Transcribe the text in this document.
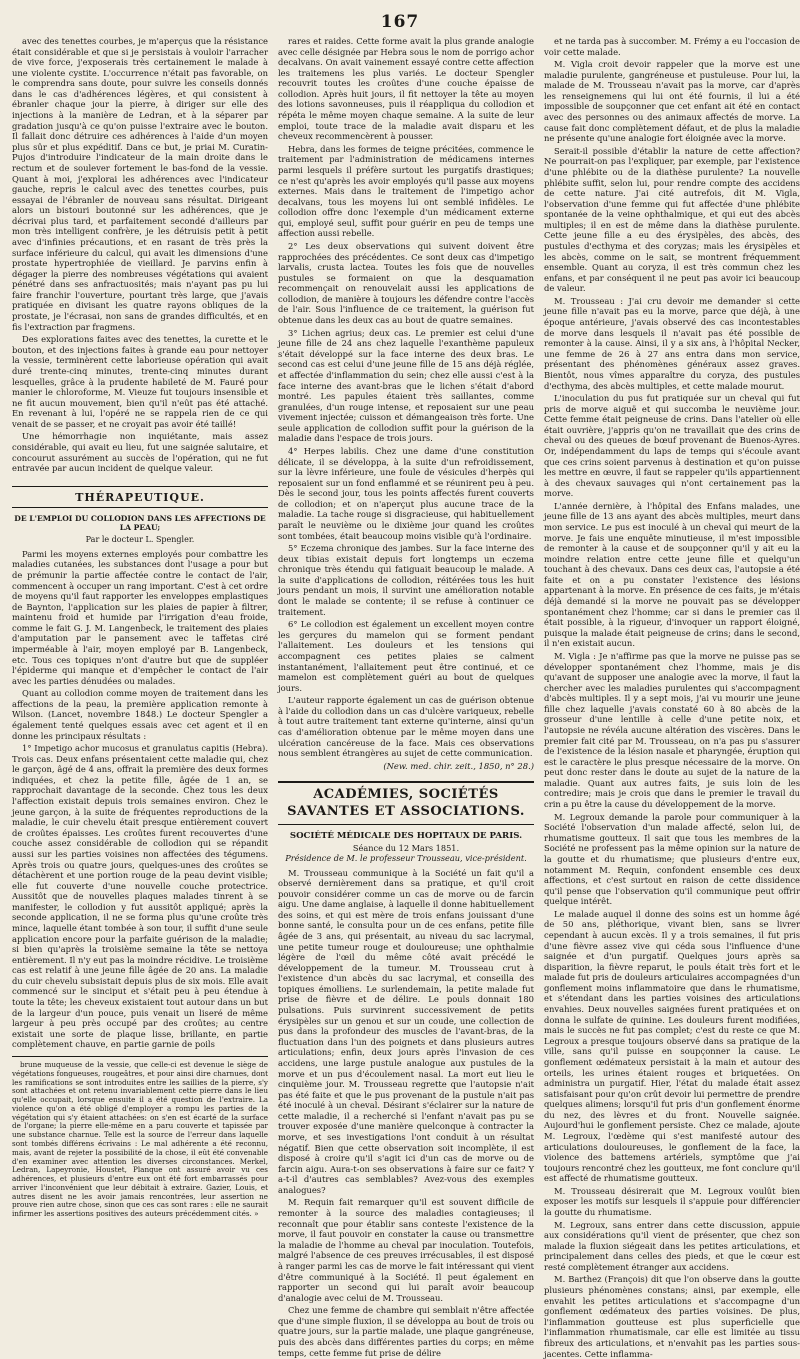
167

avec des tenettes courbes, je m'aperçus que la résistance était considérable et que si je persistais à vouloir l'arracher de vive force, j'exposerais très certainement le malade à une violente cystite. L'occurrence n'était pas favorable, on le comprendra sans doute, pour suivre les conseils donnés dans le cas d'adhérences légères, et qui consistent à ébranler chaque jour la pierre, à diriger sur elle des injections à la manière de Ledran, et à la séparer par gradation jusqu'à ce qu'on puisse l'extraire avec le bouton. Il fallait donc détruire ces adhérences à l'aide d'un moyen plus sûr et plus expéditif. Dans ce but, je priai M. Curatin-Pujos d'introduire l'indicateur de la main droite dans le rectum et de soulever fortement le bas-fond de la vessie. Quant à moi, j'explorai les adhérences avec l'indicateur gauche, repris le calcul avec des tenettes courbes, puis essayai de l'ébranler de nouveau sans résultat. Dirigeant alors un bistouri boutonné sur les adhérences, que je décrivai plus tard, et parfaitement secondé d'ailleurs par mon très intelligent confrère, je les détruisis petit à petit avec d'infinies précautions, et en rasant de très près la surface inférieure du calcul, qui avait les dimensions d'une prostate hypertrophiée de vieillard. Je parvins enfin à dégager la pierre des nombreuses végétations qui avaient pénétré dans ses anfractuosités; mais n'ayant pas pu lui faire franchir l'ouverture, pourtant très large, que j'avais pratiquée en divisant les quatre rayons obliques de la prostate, je l'écrasai, non sans de grandes difficultés, et en fis l'extraction par fragmens.

Des explorations faites avec des tenettes, la curette et le bouton, et des injections faites à grande eau pour nettoyer la vessie, terminèrent cette laborieuse opération qui avait duré trente-cinq minutes, trente-cinq minutes durant lesquelles, grâce à la prudente habileté de M. Fauré pour manier le chloroforme, M. Vieuze fut toujours insensible et ne fit aucun mouvement, bien qu'il n'eût pas été attaché. En revenant à lui, l'opéré ne se rappela rien de ce qui venait de se passer, et ne croyait pas avoir été taillé!

Une hémorrhagie non inquiétante, mais assez considérable, qui avait eu lieu, fut une saignée salutaire, et concourut assurément au succès de l'opération, qui ne fut entravée par aucun incident de quelque valeur.

THÉRAPEUTIQUE.
DE L'EMPLOI DU COLLODION DANS LES AFFECTIONS DE LA PEAU;
Par le docteur L. Spengler.

Parmi les moyens externes employés pour combattre les maladies cutanées, les substances dont l'usage a pour but de prémunir la partie affectée contre le contact de l'air, commencent à occuper un rang important. C'est à cet ordre de moyens qu'il faut rapporter les enveloppes emplastiques de Baynton, l'application sur les plaies de papier à filtrer, maintenu froid et humide par l'irrigation d'eau froide, comme le fait G. J. M. Langenbeck, le traitement des plaies d'amputation par le pansement avec le taffetas ciré imperméable à l'air, moyen employé par B. Langenbeck, etc. Tous ces topiques n'ont d'autre but que de suppléer l'épiderme qui manque et d'empêcher le contact de l'air avec les parties dénudées ou malades.

Quant au collodion comme moyen de traitement dans les affections de la peau, la première application remonte à Wilson. (Lancet, novembre 1848.) Le docteur Spengler a également tenté quelques essais avec cet agent et il en donne les principaux résultats :

1° Impetigo achor mucosus et granulatus capitis (Hebra). Trois cas. Deux enfans présentaient cette maladie qui, chez le garçon, âgé de 4 ans, offrait la première des deux formes indiquées, et chez la petite fille, âgée de 1 an, se rapprochait davantage de la seconde. Chez tous les deux l'affection existait depuis trois semaines environ. Chez le jeune garçon, à la suite de fréquentes reproductions de la maladie, le cuir chevelu était presque entièrement couvert de croûtes épaisses. Les croûtes furent recouvertes d'une couche assez considérable de collodion qui se répandit aussi sur les parties voisines non affectées des tégumens. Après trois ou quatre jours, quelques-unes des croûtes se détachèrent et une portion rouge de la peau devint visible; elle fut couverte d'une nouvelle couche protectrice. Aussitôt que de nouvelles plaques malades tinrent à se manifester, le collodion y fut aussitôt appliqué; après la seconde application, il ne se forma plus qu'une croûte très mince, laquelle étant tombée à son tour, il suffit d'une seule application encore pour la parfaite guérison de la maladie; si bien qu'après la troisième semaine la tête se nettoya entièrement. Il n'y eut pas la moindre récidive. Le troisième cas est relatif à une jeune fille âgée de 20 ans. La maladie du cuir chevelu subsistait depuis plus de six mois. Elle avait commencé sur le sinciput et s'était peu à peu étendue à toute la tête; les cheveux existaient tout autour dans un but de la largeur d'un pouce, puis venait un liseré de même largeur à peu près occupé par des croûtes; au centre existait une sorte de plaque lisse, brillante, en partie complètement chauve, en partie garnie de poils

brune muqueuse de la vessie, que celle-ci est devenue le siège de végétations fongueuses, rougeâtres, et pour ainsi dire charnues, dont les ramifications se sont introduites entre les saillies de la pierre, s'y sont attachées et ont retenu invariablement cette pierre dans le lieu qu'elle occupait, lorsque ensuite il a été question de l'extraire. La violence qu'on a été obligé d'employer a rompu les parties de la végétation qui s'y étaient attachées: on s'en est écarté de la surface de l'organe; la pierre elle-même en a paru couverte et tapissée par une substance charnue. Telle est la source de l'erreur dans laquelle sont tombés différens écrivains : Le mal adhérente a été reconnu, mais, avant de rejeter la possibilité de la chose, il eût été convenable d'en examiner avec attention les diverses circonstances. Merkel, Ledran, Lapeyronie, Houstet, Planque ont assuré avoir vu ces adhérences, et plusieurs d'entre eux ont été fort embarrassés pour arriver l'inconvénient que leur débitait à extraire. Gazier, Louis, et autres disent ne les avoir jamais rencontrées, leur assertion ne prouve rien autre chose, sinon que ces cas sont rares : elle ne saurait infirmer les assertions positives des auteurs précédemment cités. »

rares et raides. Cette forme avait la plus grande analogie avec celle désignée par Hebra sous le nom de porrigo achor decalvans. On avait vainement essayé contre cette affection les traitemens les plus variés. Le docteur Spengler recouvrit toutes les croûtes d'une couche épaisse de collodion. Après huit jours, il fit nettoyer la tête au moyen des lotions savonneuses, puis il réappliqua du collodion et répéta le même moyen chaque semaine. A la suite de leur emploi, toute trace de la maladie avait disparu et les cheveux recommencèrent à pousser.

Hebra, dans les formes de teigne précitées, commence le traitement par l'administration de médicamens internes parmi lesquels il préfère surtout les purgatifs drastiques; ce n'est qu'après les avoir employés qu'il passe aux moyens externes. Mais dans le traitement de l'impetigo achor decalvans, tous les moyens lui ont semblé infidèles. Le collodion offre donc l'exemple d'un médicament externe qui, employé seul, suffit pour guérir en peu de temps une affection aussi rebelle.

2° Les deux observations qui suivent doivent être rapprochées des précédentes. Ce sont deux cas d'impetigo larvalis, crusta lactea. Toutes les fois que de nouvelles pustules se formaient on que la desquamation recommençait on renouvelait aussi les applications de collodion, de manière à toujours les défendre contre l'accès de l'air. Sous l'influence de ce traitement, la guérison fut obtenue dans les deux cas au bout de quatre semaines.

3° Lichen agrius; deux cas. Le premier est celui d'une jeune fille de 24 ans chez laquelle l'exanthème papuleux s'était développé sur la face interne des deux bras. Le second cas est celui d'une jeune fille de 15 ans déjà réglée, et affectée d'inflammation du sein; chez elle aussi c'est à la face interne des avant-bras que le lichen s'était d'abord montré. Les papules étaient très saillantes, comme granulées, d'un rouge intense, et reposaient sur une peau vivement injectée; cuisson et démangeaison très forte. Une seule application de collodion suffit pour la guérison de la maladie dans l'espace de trois jours.

4° Herpes labilis. Chez une dame d'une constitution délicate, il se développa, à la suite d'un refroidissement, sur la lèvre inférieure, une foule de vésicules d'herpès qui reposaient sur un fond enflammé et se réunirent peu à peu. Dès le second jour, tous les points affectés furent couverts de collodion; et on n'aperçut plus aucune trace de la maladie. La tache rouge si disgracieuse, qui habituellement paraît le neuvième ou le dixième jour quand les croûtes sont tombées, était beaucoup moins visible qu'à l'ordinaire.

5° Eczema chronique des jambes. Sur la face interne des deux tibias existait depuis fort longtemps un eczema chronique très étendu qui fatiguait beaucoup le malade. A la suite d'applications de collodion, réitérées tous les huit jours pendant un mois, il survint une amélioration notable dont le malade se contente; il se refuse à continuer ce traitement.

6° Le collodion est également un excellent moyen contre les gerçures du mamelon qui se forment pendant l'allaitement. Les douleurs et les tensions qui accompagnent ces petites plaies se calment instantanément, l'allaitement peut être continué, et ce mamelon est complètement guéri au bout de quelques jours.

L'auteur rapporte également un cas de guérison obtenue à l'aide du collodion dans un cas d'ulcère variqueux, rebelle à tout autre traitement tant externe qu'interne, ainsi qu'un cas d'amélioration obtenue par le même moyen dans une ulcération cancéreuse de la face. Mais ces observations nous semblent étrangères au sujet de cette communication.

(New. med. chir. zeit., 1850, n° 28.)
ACADÉMIES, SOCIÉTÉS SAVANTES ET ASSOCIATIONS.
SOCIÉTÉ MÉDICALE DES HOPITAUX DE PARIS.
Séance du 12 Mars 1851.
Présidence de M. le professeur Trousseau, vice-président.

M. Trousseau communique à la Société un fait qu'il a observé dernièrement dans sa pratique, et qu'il croit pouvoir considérer comme un cas de morve ou de farcin aigu. Une dame anglaise, à laquelle il donne habituellement des soins, et qui est mère de trois enfans jouissant d'une bonne santé, le consulta pour un de ces enfans, petite fille âgée de 3 ans, qui présentait, au niveau du sac lacrymal, une petite tumeur rouge et douloureuse; une ophthalmie légère de l'œil du même côté avait précédé le développement de la tumeur. M. Trousseau crut à l'existence d'un abcès du sac lacrymal, et conseilla des topiques émolliens. Le surlendemain, la petite malade fut prise de fièvre et de délire. Le pouls donnait 180 pulsations. Puis survinrent successivement de petits érysipèles sur un genou et sur un coude, une collection de pus dans la profondeur des muscles de l'avant-bras, de la fluctuation dans l'un des poignets et dans plusieurs autres articulations; enfin, deux jours après l'invasion de ces accidens, une large pustule analogue aux pustules de la morve et un pus d'écoulement nasal. La mort eut lieu le cinquième jour. M. Trousseau regrette que l'autopsie n'ait pas été faite et que le pus provenant de la pustule n'ait pas été inoculé à un cheval. Désirant s'éclairer sur la nature de cette maladie, il a recherché si l'enfant n'avait pas pu se trouver exposée d'une manière quelconque à contracter la morve, et ses investigations l'ont conduit à un résultat négatif. Bien que cette observation soit incomplète, il est disposé à croire qu'il s'agit ici d'un cas de morve ou de farcin aigu. Aura-t-on ses observations à faire sur ce fait? Y a-t-il d'autres cas semblables? Avez-vous des exemples analogues?

M. Requin fait remarquer qu'il est souvent difficile de remonter à la source des maladies contagieuses; il reconnaît que pour établir sans conteste l'existence de la morve, il faut pouvoir en constater la cause ou transmettre la maladie de l'homme au cheval par inoculation. Toutefois, malgré l'absence de ces preuves irrécusables, il est disposé à ranger parmi les cas de morve le fait intéressant qui vient d'être communiqué à la Société. Il peut également en rapporter un second qui lui paraît avoir beaucoup d'analogie avec celui de M. Trousseau.

Chez une femme de chambre qui semblait n'être affectée que d'une simple fluxion, il se développa au bout de trois ou quatre jours, sur la partie malade, une plaque gangréneuse, puis des abcès dans différentes parties du corps; en même temps, cette femme fut prise de délire

et ne tarda pas à succomber. M. Frémy a eu l'occasion de voir cette malade.

M. Vigla croit devoir rappeler que la morve est une maladie purulente, gangréneuse et pustuleuse. Pour lui, la malade de M. Trousseau n'avait pas la morve, car d'après les renseignemens qui lui ont été fournis, il lui a été impossible de soupçonner que cet enfant ait été en contact avec des personnes ou des animaux affectés de morve. La cause fait donc complètement défaut, et de plus la maladie ne présente qu'une analogie fort éloignée avec la morve.

Serait-il possible d'établir la nature de cette affection? Ne pourrait-on pas l'expliquer, par exemple, par l'existence d'une phlébite ou de la diathèse purulente? La nouvelle phlébite suffit, selon lui, pour rendre compte des accidens de cette nature. J'ai cité autrefois, dit M. Vigla, l'observation d'une femme qui fut affectée d'une phlébite spontanée de la veine ophthalmique, et qui eut des abcès multiples; il en est de même dans la diathèse purulente. Cette jeune fille a eu des érysipèles, des abcès, des pustules d'ecthyma et des coryzas; mais les érysipèles et les abcès, comme on le sait, se montrent fréquemment ensemble. Quant au coryza, il est très commun chez les enfans, et par conséquent il ne peut pas avoir ici beaucoup de valeur.

M. Trousseau : J'ai cru devoir me demander si cette jeune fille n'avait pas eu la morve, parce que déjà, à une époque antérieure, j'avais observé des cas incontestables de morve dans lesquels il n'avait pas été possible de remonter à la cause. Ainsi, il y a six ans, à l'hôpital Necker, une femme de 26 à 27 ans entra dans mon service, présentant des phénomènes généraux assez graves. Bientôt, nous vîmes apparaître du coryza, des pustules d'ecthyma, des abcès multiples, et cette malade mourut.

L'inoculation du pus fut pratiquée sur un cheval qui fut pris de morve aiguë et qui succomba le neuvième jour. Cette femme était peigneuse de crins. Dans l'atelier où elle était ouvrière, j'appris qu'on ne travaillait que des crins de cheval ou des queues de bœuf provenant de Buenos-Ayres. Or, indépendamment du laps de temps qui s'écoule avant que ces crins soient parvenus à destination et qu'on puisse les mettre en œuvre, il faut se rappeler qu'ils appartiennent à des chevaux sauvages qui n'ont certainement pas la morve.

L'année dernière, à l'hôpital des Enfans malades, une jeune fille de 13 ans ayant des abcès multiples, meurt dans mon service. Le pus est inoculé à un cheval qui meurt de la morve. Je fais une enquête minutieuse, il m'est impossible de remonter à la cause et de soupçonner qu'il y ait eu la moindre relation entre cette jeune fille et quelqu'un touchant à des chevaux. Dans ces deux cas, l'autopsie a été faite et on a pu constater l'existence des lésions appartenant à la morve. En présence de ces faits, je m'étais déjà demandé si la morve ne pouvait pas se développer spontanément chez l'homme; car si dans le premier cas il était possible, à la rigueur, d'invoquer un rapport éloigné, puisque la malade était peigneuse de crins; dans le second, il n'en existait aucun.

M. Vigla : Je n'affirme pas que la morve ne puisse pas se développer spontanément chez l'homme, mais je dis qu'avant de supposer une analogie avec la morve, il faut la chercher avec les maladies purulentes qui s'accompagnent d'abcès multiples. Il y a sept mois, j'ai vu mourir une jeune fille chez laquelle j'avais constaté 60 à 80 abcès de la grosseur d'une lentille à celle d'une petite noix, et l'autopsie ne révéla aucune altération des viscères. Dans le premier fait cité par M. Trousseau, on n'a pas pu s'assurer de l'existence de la lésion nasale et pharyngée, éruption qui est le caractère le plus presque nécessaire de la morve. On peut donc rester dans le doute au sujet de la nature de la maladie. Quant aux autres faits, je suis loin de les contredire; mais je crois que dans le premier le travail du crin a pu être la cause du développement de la morve.

M. Legroux demande la parole pour communiquer à la Société l'observation d'un malade affecté, selon lui, de rhumatisme goutteux. Il sait que tous les membres de la Société ne professent pas la même opinion sur la nature de la goutte et du rhumatisme; que plusieurs d'entre eux, notamment M. Requin, confondent ensemble ces deux affections, et c'est surtout en raison de cette dissidence qu'il pense que l'observation qu'il communique peut offrir quelque intérêt.

Le malade auquel il donne des soins est un homme âgé de 50 ans, pléthorique, vivant bien, sans se livrer cependant à aucun excès. Il y a trois semaines, il fut pris d'une fièvre assez vive qui céda sous l'influence d'une saignée et d'un purgatif. Quelques jours après sa disparition, la fièvre reparut, le pouls était très fort et le malade fut pris de douleurs articulaires accompagnées d'un gonflement moins inflammatoire que dans le rhumatisme, et s'étendant dans les parties voisines des articulations envahies. Deux nouvelles saignées furent pratiquées et on donna le sulfate de quinine. Les douleurs furent modifiées, mais le succès ne fut pas complet; c'est du reste ce que M. Legroux a presque toujours observé dans sa pratique de la ville, sans qu'il puisse en soupçonner la cause. Le gonflement œdémateux persistait à la main et autour des orteils, les urines étaient rouges et briquetées. On administra un purgatif. Hier, l'état du malade était assez satisfaisant pour qu'on crût devoir lui permettre de prendre quelques alimens; lorsqu'il fut pris d'un gonflement énorme du nez, des lèvres et du front. Nouvelle saignée. Aujourd'hui le gonflement persiste. Chez ce malade, ajoute M. Legroux, l'œdème qui s'est manifesté autour des articulations douloureuses, le gonflement de la face, la violence des battemens artériels, symptôme que j'ai toujours rencontré chez les goutteux, me font conclure qu'il est affecté de rhumatisme goutteux.

M. Trousseau désirerait que M. Legroux voulût bien exposer les motifs sur lesquels il s'appuie pour différencier la goutte du rhumatisme.

M. Legroux, sans entrer dans cette discussion, appuie aux considérations qu'il vient de présenter, que chez son malade la fluxion siégeait dans les petites articulations, et principalement dans celles des pieds, et que le cœur est resté complètement étranger aux accidens.

M. Barthez (François) dit que l'on observe dans la goutte plusieurs phénomènes constans; ainsi, par exemple, elle envahit les petites articulations et s'accompagne d'un gonflement œdémateux des parties voisines. De plus, l'inflammation goutteuse est plus superficielle que l'inflammation rhumatismale, car elle est limitée au tissu fibreux des articulations, et n'envahit pas les parties sous-jacentes. Cette inflamma-
